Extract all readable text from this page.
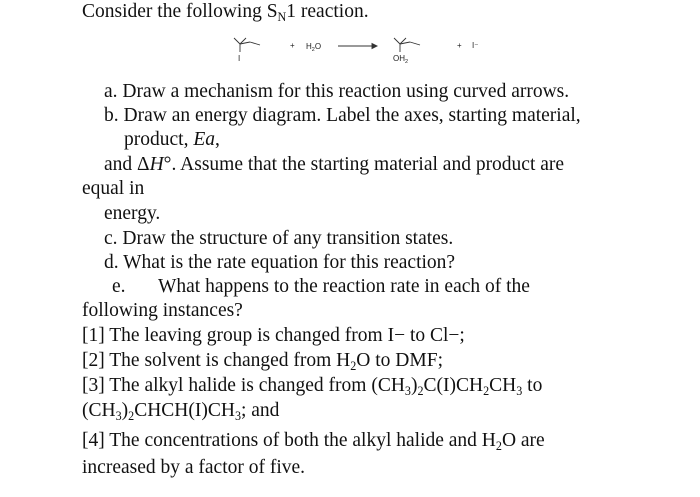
Consider the following $S_N1$ reaction.
I
+ $H_2O$
$OH_2$
+ I⁻
a. Draw a mechanism for this reaction using curved arrows.
b. Draw an energy diagram. Label the axes, starting material,
product, Ea,
and ΔH°. Assume that the starting material and product are
equal in
energy.
c. Draw the structure of any transition states.
d. What is the rate equation for this reaction?
e. What happens to the reaction rate in each of the
following instances?
[1] The leaving group is changed from I− to Cl−;
[2] The solvent is changed from $H_2O$ to DMF;
[3] The alkyl halide is changed from $(CH_3)_2C(I)CH_2CH_3$ to
$(CH_3)_2CHCH(I)CH_3$; and
[4] The concentrations of both the alkyl halide and $H_2O$ are
increased by a factor of five.
